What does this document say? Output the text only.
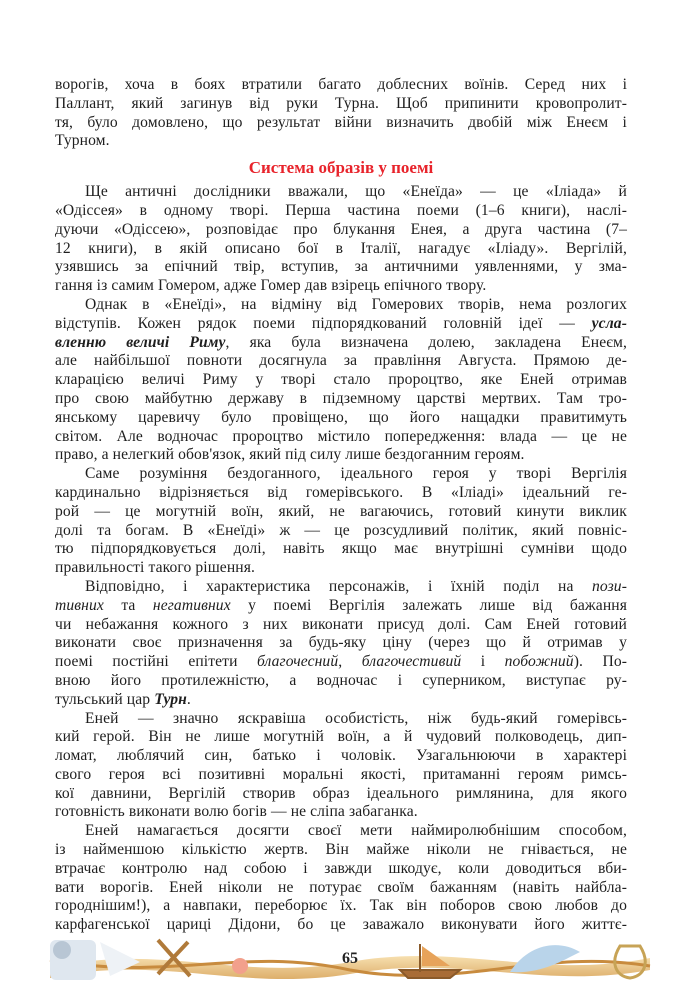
ворогів, хоча в боях втратили багато доблесних воїнів. Серед них і
Паллант, який загинув від руки Турна. Щоб припинити кровопролит-
тя, було домовлено, що результат війни визначить двобій між Енеєм і
Турном.
Система образів у поемі
Ще античні дослідники вважали, що «Енеїда» — це «Іліада» й
«Одіссея» в одному творі. Перша частина поеми (1–6 книги), наслі-
дуючи «Одіссею», розповідає про блукання Енея, а друга частина (7–
12 книги), в якій описано бої в Італії, нагадує «Іліаду». Вергілій,
узявшись за епічний твір, вступив, за античними уявленнями, у зма-
гання із самим Гомером, адже Гомер дав взірець епічного твору.
Однак в «Енеїді», на відміну від Гомерових творів, нема розлогих
відступів. Кожен рядок поеми підпорядкований головній ідеї — усла-
вленню величі Риму, яка була визначена долею, закладена Енеєм,
але найбільшої повноти досягнула за правління Августа. Прямою де-
кларацією величі Риму у творі стало пророцтво, яке Еней отримав
про свою майбутню державу в підземному царстві мертвих. Там тро-
янському царевичу було провіщено, що його нащадки правитимуть
світом. Але водночас пророцтво містило попередження: влада — це не
право, а нелегкий обов'язок, який під силу лише бездоганним героям.
Саме розуміння бездоганного, ідеального героя у творі Вергілія
кардинально відрізняється від гомерівського. В «Іліаді» ідеальний ге-
рой — це могутній воїн, який, не вагаючись, готовий кинути виклик
долі та богам. В «Енеїді» ж — це розсудливий політик, який повніс-
тю підпорядковується долі, навіть якщо має внутрішні сумніви щодо
правильності такого рішення.
Відповідно, і характеристика персонажів, і їхній поділ на пози-
тивних та негативних у поемі Вергілія залежать лише від бажання
чи небажання кожного з них виконати присуд долі. Сам Еней готовий
виконати своє призначення за будь-яку ціну (через що й отримав у
поемі постійні епітети благочесний, благочестивий і побожний). По-
вною його протилежністю, а водночас і суперником, виступає ру-
тульський цар Турн.
Еней — значно яскравіша особистість, ніж будь-який гомерівсь-
кий герой. Він не лише могутній воїн, а й чудовий полководець, дип-
ломат, люблячий син, батько і чоловік. Узагальнюючи в характері
свого героя всі позитивні моральні якості, притаманні героям римсь-
кої давнини, Вергілій створив образ ідеального римлянина, для якого
готовність виконати волю богів — не сліпа забаганка.
Еней намагається досягти своєї мети наймиролюбнішим способом,
із найменшою кількістю жертв. Він майже ніколи не гнівається, не
втрачає контролю над собою і завжди шкодує, коли доводиться вби-
вати ворогів. Еней ніколи не потурає своїм бажанням (навіть найбла-
городнішим!), а навпаки, переборює їх. Так він поборов свою любов до
карфагенської цариці Дідони, бо це заважало виконувати його життє-
65
